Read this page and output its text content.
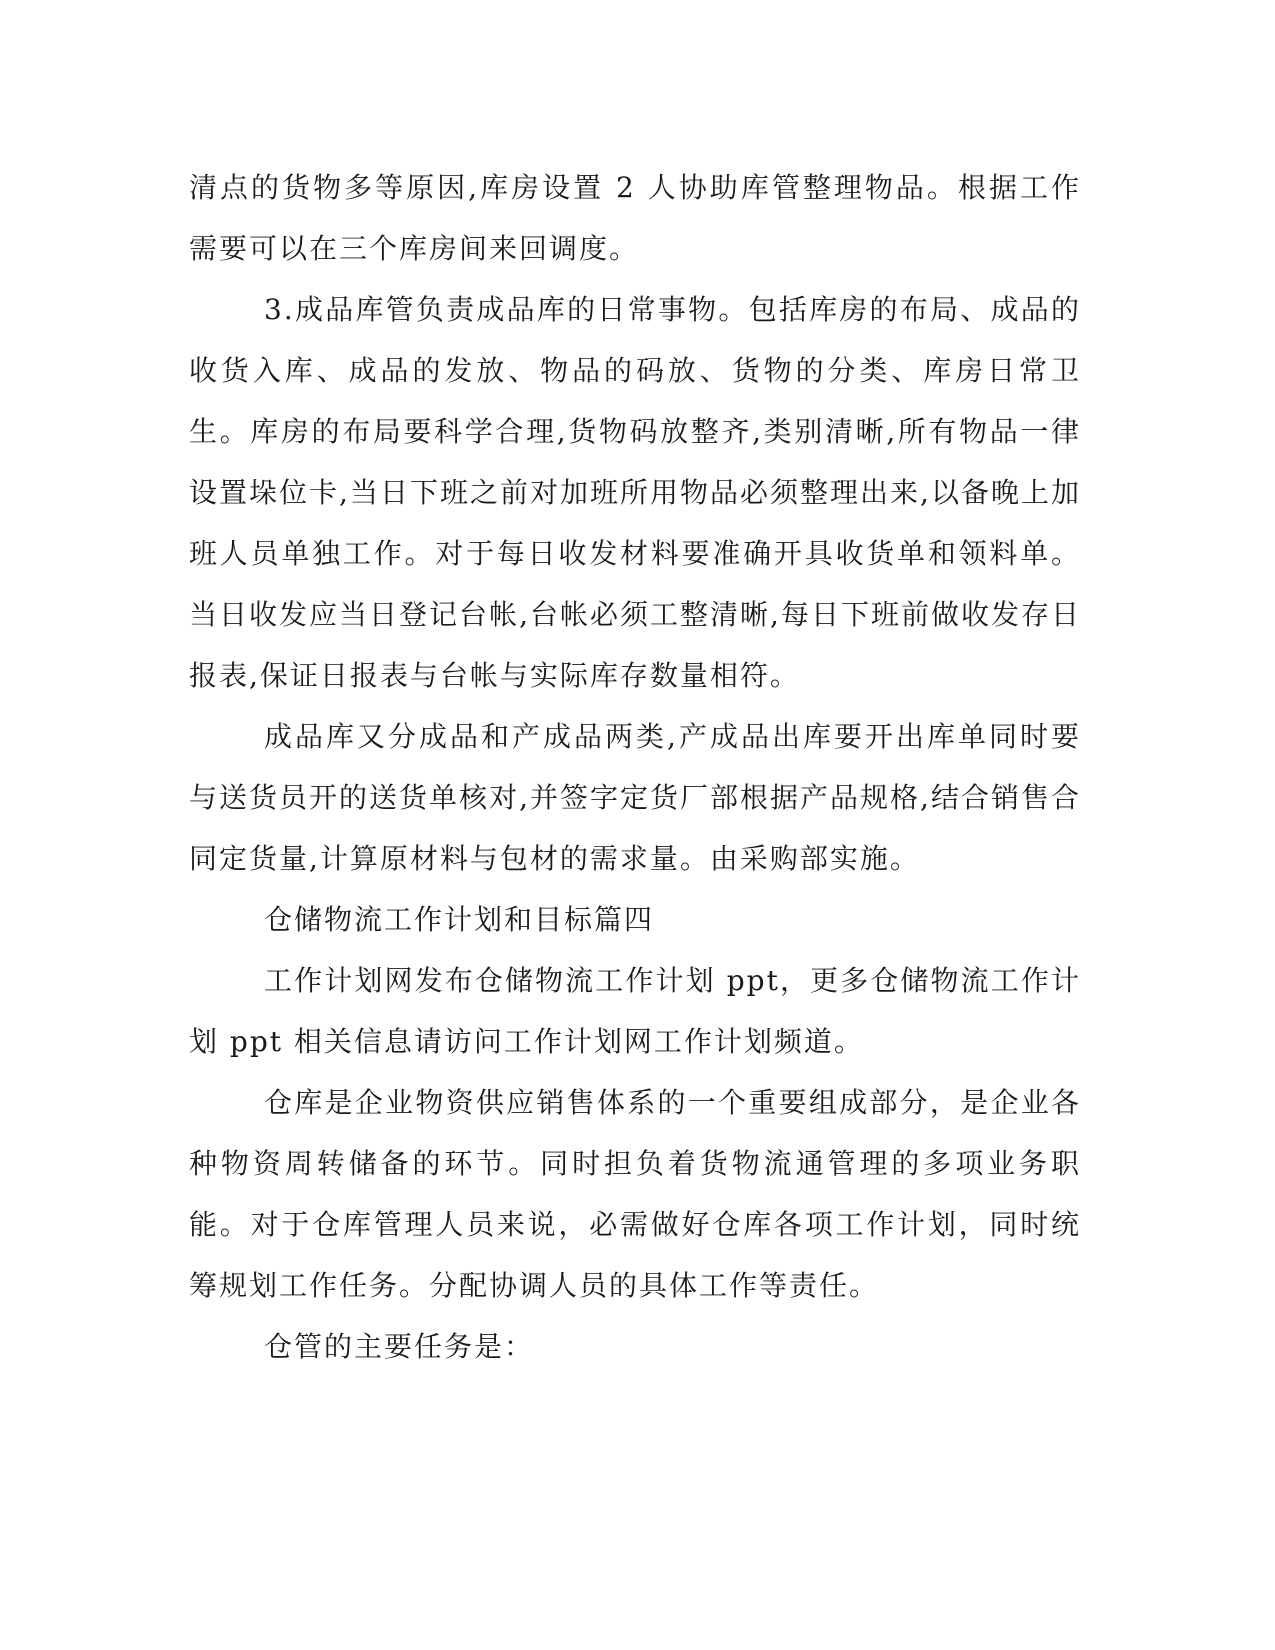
清点的货物多等原因,库房设置 2 人协助库管整理物品。根据工作需要可以在三个库房间来回调度。

3.成品库管负责成品库的日常事物。包括库房的布局、成品的收货入库、成品的发放、物品的码放、货物的分类、库房日常卫生。库房的布局要科学合理,货物码放整齐,类别清晰,所有物品一律设置垛位卡,当日下班之前对加班所用物品必须整理出来,以备晚上加班人员单独工作。对于每日收发材料要准确开具收货单和领料单。当日收发应当日登记台帐,台帐必须工整清晰,每日下班前做收发存日报表,保证日报表与台帐与实际库存数量相符。

成品库又分成品和产成品两类,产成品出库要开出库单同时要与送货员开的送货单核对,并签字定货厂部根据产品规格,结合销售合同定货量,计算原材料与包材的需求量。由采购部实施。

仓储物流工作计划和目标篇四

工作计划网发布仓储物流工作计划 ppt，更多仓储物流工作计划 ppt 相关信息请访问工作计划网工作计划频道。

仓库是企业物资供应销售体系的一个重要组成部分，是企业各种物资周转储备的环节。同时担负着货物流通管理的多项业务职能。对于仓库管理人员来说，必需做好仓库各项工作计划，同时统筹规划工作任务。分配协调人员的具体工作等责任。

仓管的主要任务是：
